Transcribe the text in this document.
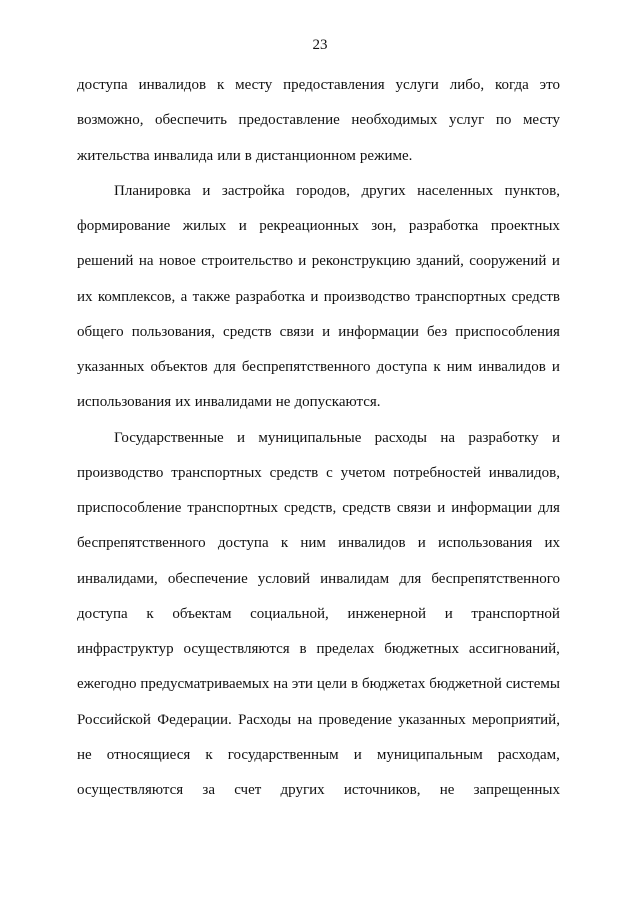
23
доступа инвалидов к месту предоставления услуги либо, когда это
возможно, обеспечить предоставление необходимых услуг по месту
жительства инвалида или в дистанционном режиме.
Планировка и застройка городов, других населенных пунктов,
формирование жилых и рекреационных зон, разработка проектных
решений на новое строительство и реконструкцию зданий, сооружений и
их комплексов, а также разработка и производство транспортных средств
общего пользования, средств связи и информации без приспособления
указанных объектов для беспрепятственного доступа к ним инвалидов и
использования их инвалидами не допускаются.
Государственные и муниципальные расходы на разработку и
производство транспортных средств с учетом потребностей инвалидов,
приспособление транспортных средств, средств связи и информации для
беспрепятственного доступа к ним инвалидов и использования их
инвалидами, обеспечение условий инвалидам для беспрепятственного
доступа к объектам социальной, инженерной и транспортной
инфраструктур осуществляются в пределах бюджетных ассигнований,
ежегодно предусматриваемых на эти цели в бюджетах бюджетной системы
Российской Федерации. Расходы на проведение указанных мероприятий,
не относящиеся к государственным и муниципальным расходам,
осуществляются за счет других источников, не запрещенных
